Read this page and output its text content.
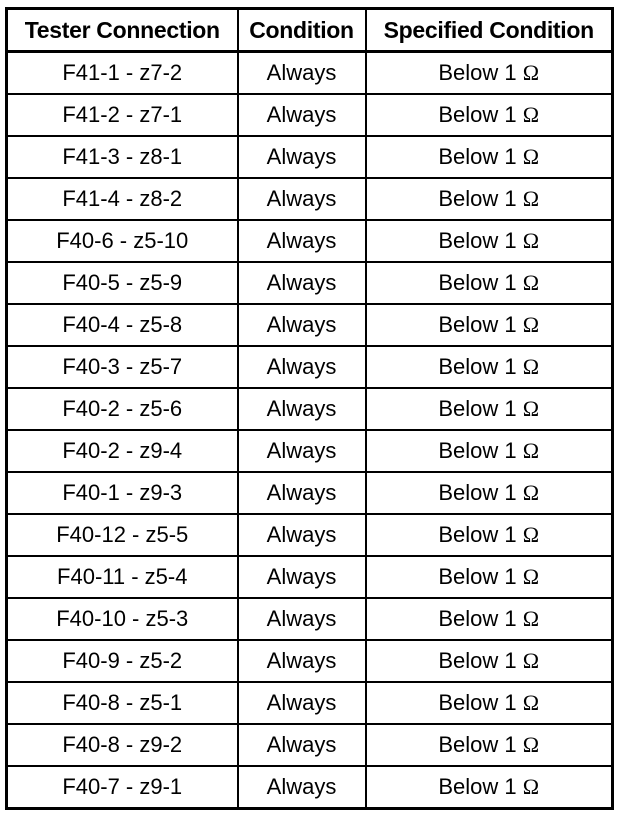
Tester Connection	Condition	Specified Condition
F41-1 - z7-2	Always	Below 1 Ω
F41-2 - z7-1	Always	Below 1 Ω
F41-3 - z8-1	Always	Below 1 Ω
F41-4 - z8-2	Always	Below 1 Ω
F40-6 - z5-10	Always	Below 1 Ω
F40-5 - z5-9	Always	Below 1 Ω
F40-4 - z5-8	Always	Below 1 Ω
F40-3 - z5-7	Always	Below 1 Ω
F40-2 - z5-6	Always	Below 1 Ω
F40-2 - z9-4	Always	Below 1 Ω
F40-1 - z9-3	Always	Below 1 Ω
F40-12 - z5-5	Always	Below 1 Ω
F40-11 - z5-4	Always	Below 1 Ω
F40-10 - z5-3	Always	Below 1 Ω
F40-9 - z5-2	Always	Below 1 Ω
F40-8 - z5-1	Always	Below 1 Ω
F40-8 - z9-2	Always	Below 1 Ω
F40-7 - z9-1	Always	Below 1 Ω
